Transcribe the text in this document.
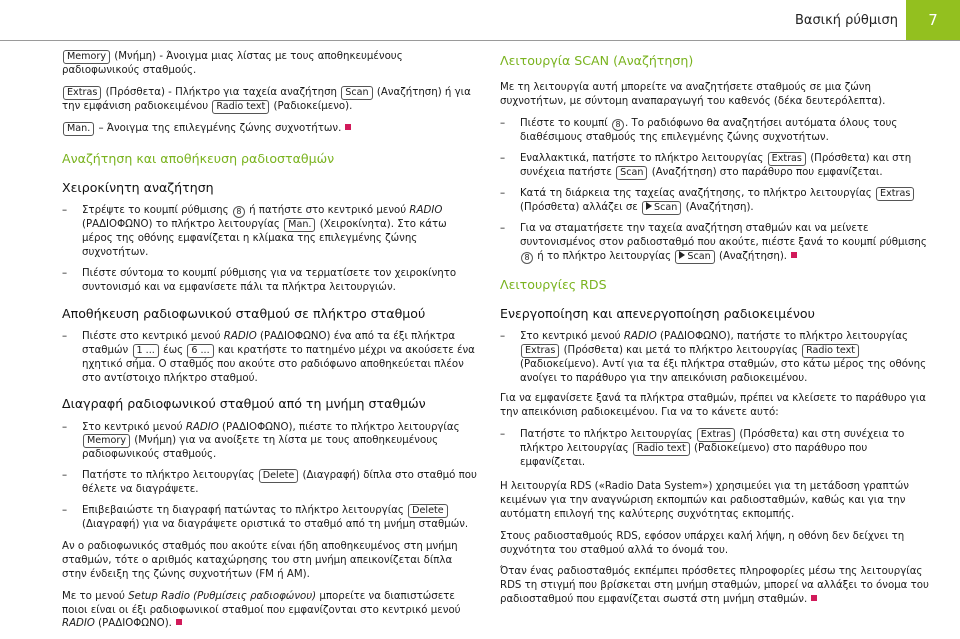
Βασική ρύθμιση	7

Memory (Μνήμη) - Άνοιγμα μιας λίστας με τους αποθηκευμένους ραδιοφωνικούς σταθμούς.

Extras (Πρόσθετα) - Πλήκτρο για ταχεία αναζήτηση Scan (Αναζήτηση) ή για την εμφάνιση ραδιοκειμένου Radio text (Ραδιοκείμενο).

Man. – Άνοιγμα της επιλεγμένης ζώνης συχνοτήτων.

Αναζήτηση και αποθήκευση ραδιοσταθμών
Χειροκίνητη αναζήτηση
– Στρέψτε το κουμπί ρύθμισης 8 ή πατήστε στο κεντρικό μενού RADIO (ΡΑΔΙΟΦΩΝΟ) το πλήκτρο λειτουργίας Man. (Χειροκίνητα). Στο κάτω μέρος της οθόνης εμφανίζεται η κλίμακα της επιλεγμένης ζώνης συχνοτήτων.
– Πιέστε σύντομα το κουμπί ρύθμισης για να τερματίσετε τον χειροκίνητο συντονισμό και να εμφανίσετε πάλι τα πλήκτρα λειτουργιών.
Αποθήκευση ραδιοφωνικού σταθμού σε πλήκτρο σταθμού
– Πιέστε στο κεντρικό μενού RADIO (ΡΑΔΙΟΦΩΝΟ) ένα από τα έξι πλήκτρα σταθμών 1 ... έως 6 ... και κρατήστε το πατημένο μέχρι να ακούσετε ένα ηχητικό σήμα. Ο σταθμός που ακούτε στο ραδιόφωνο αποθηκεύεται πλέον στο αντίστοιχο πλήκτρο σταθμού.
Διαγραφή ραδιοφωνικού σταθμού από τη μνήμη σταθμών
– Στο κεντρικό μενού RADIO (ΡΑΔΙΟΦΩΝΟ), πιέστε το πλήκτρο λειτουργίας Memory (Μνήμη) για να ανοίξετε τη λίστα με τους αποθηκευμένους ραδιοφωνικούς σταθμούς.
– Πατήστε το πλήκτρο λειτουργίας Delete (Διαγραφή) δίπλα στο σταθμό που θέλετε να διαγράψετε.
– Επιβεβαιώστε τη διαγραφή πατώντας το πλήκτρο λειτουργίας Delete (Διαγραφή) για να διαγράψετε οριστικά το σταθμό από τη μνήμη σταθμών.

Αν ο ραδιοφωνικός σταθμός που ακούτε είναι ήδη αποθηκευμένος στη μνήμη σταθμών, τότε ο αριθμός καταχώρησης του στη μνήμη απεικονίζεται δίπλα στην ένδειξη της ζώνης συχνοτήτων (FM ή AM).

Με το μενού Setup Radio (Ρυθμίσεις ραδιοφώνου) μπορείτε να διαπιστώσετε ποιοι είναι οι έξι ραδιοφωνικοί σταθμοί που εμφανίζονται στο κεντρικό μενού RADIO (ΡΑΔΙΟΦΩΝΟ).

Λειτουργία SCAN (Αναζήτηση)

Με τη λειτουργία αυτή μπορείτε να αναζητήσετε σταθμούς σε μια ζώνη συχνοτήτων, με σύντομη αναπαραγωγή του καθενός (δέκα δευτερόλεπτα).

– Πιέστε το κουμπί 8 . Το ραδιόφωνο θα αναζητήσει αυτόματα όλους τους διαθέσιμους σταθμούς της επιλεγμένης ζώνης συχνοτήτων.
– Εναλλακτικά, πατήστε το πλήκτρο λειτουργίας Extras (Πρόσθετα) και στη συνέχεια πατήστε Scan (Αναζήτηση) στο παράθυρο που εμφανίζεται.
– Κατά τη διάρκεια της ταχείας αναζήτησης, το πλήκτρο λειτουργίας Extras (Πρόσθετα) αλλάζει σε Scan (Αναζήτηση).
– Για να σταματήσετε την ταχεία αναζήτηση σταθμών και να μείνετε συντονισμένος στον ραδιοσταθμό που ακούτε, πιέστε ξανά το κουμπί ρύθμισης 8 ή το πλήκτρο λειτουργίας Scan (Αναζήτηση).
Λειτουργίες RDS
Ενεργοποίηση και απενεργοποίηση ραδιοκειμένου
– Στο κεντρικό μενού RADIO (ΡΑΔΙΟΦΩΝΟ), πατήστε το πλήκτρο λειτουργίας Extras (Πρόσθετα) και μετά το πλήκτρο λειτουργίας Radio text (Ραδιοκείμενο). Αντί για τα έξι πλήκτρα σταθμών, στο κάτω μέρος της οθόνης ανοίγει το παράθυρο για την απεικόνιση ραδιοκειμένου.

Για να εμφανίσετε ξανά τα πλήκτρα σταθμών, πρέπει να κλείσετε το παράθυρο για την απεικόνιση ραδιοκειμένου. Για να το κάνετε αυτό:

– Πατήστε το πλήκτρο λειτουργίας Extras (Πρόσθετα) και στη συνέχεια το πλήκτρο λειτουργίας Radio text (Ραδιοκείμενο) στο παράθυρο που εμφανίζεται.

Η λειτουργία RDS («Radio Data System») χρησιμεύει για τη μετάδοση γραπτών κειμένων για την αναγνώριση εκπομπών και ραδιοσταθμών, καθώς και για την αυτόματη επιλογή της καλύτερης συχνότητας εκπομπής.

Στους ραδιοσταθμούς RDS, εφόσον υπάρχει καλή λήψη, η οθόνη δεν δείχνει τη συχνότητα του σταθμού αλλά το όνομά του.

Όταν ένας ραδιοσταθμός εκπέμπει πρόσθετες πληροφορίες μέσω της λειτουργίας RDS τη στιγμή που βρίσκεται στη μνήμη σταθμών, μπορεί να αλλάξει το όνομα του ραδιοσταθμού που εμφανίζεται σωστά στη μνήμη σταθμών.
